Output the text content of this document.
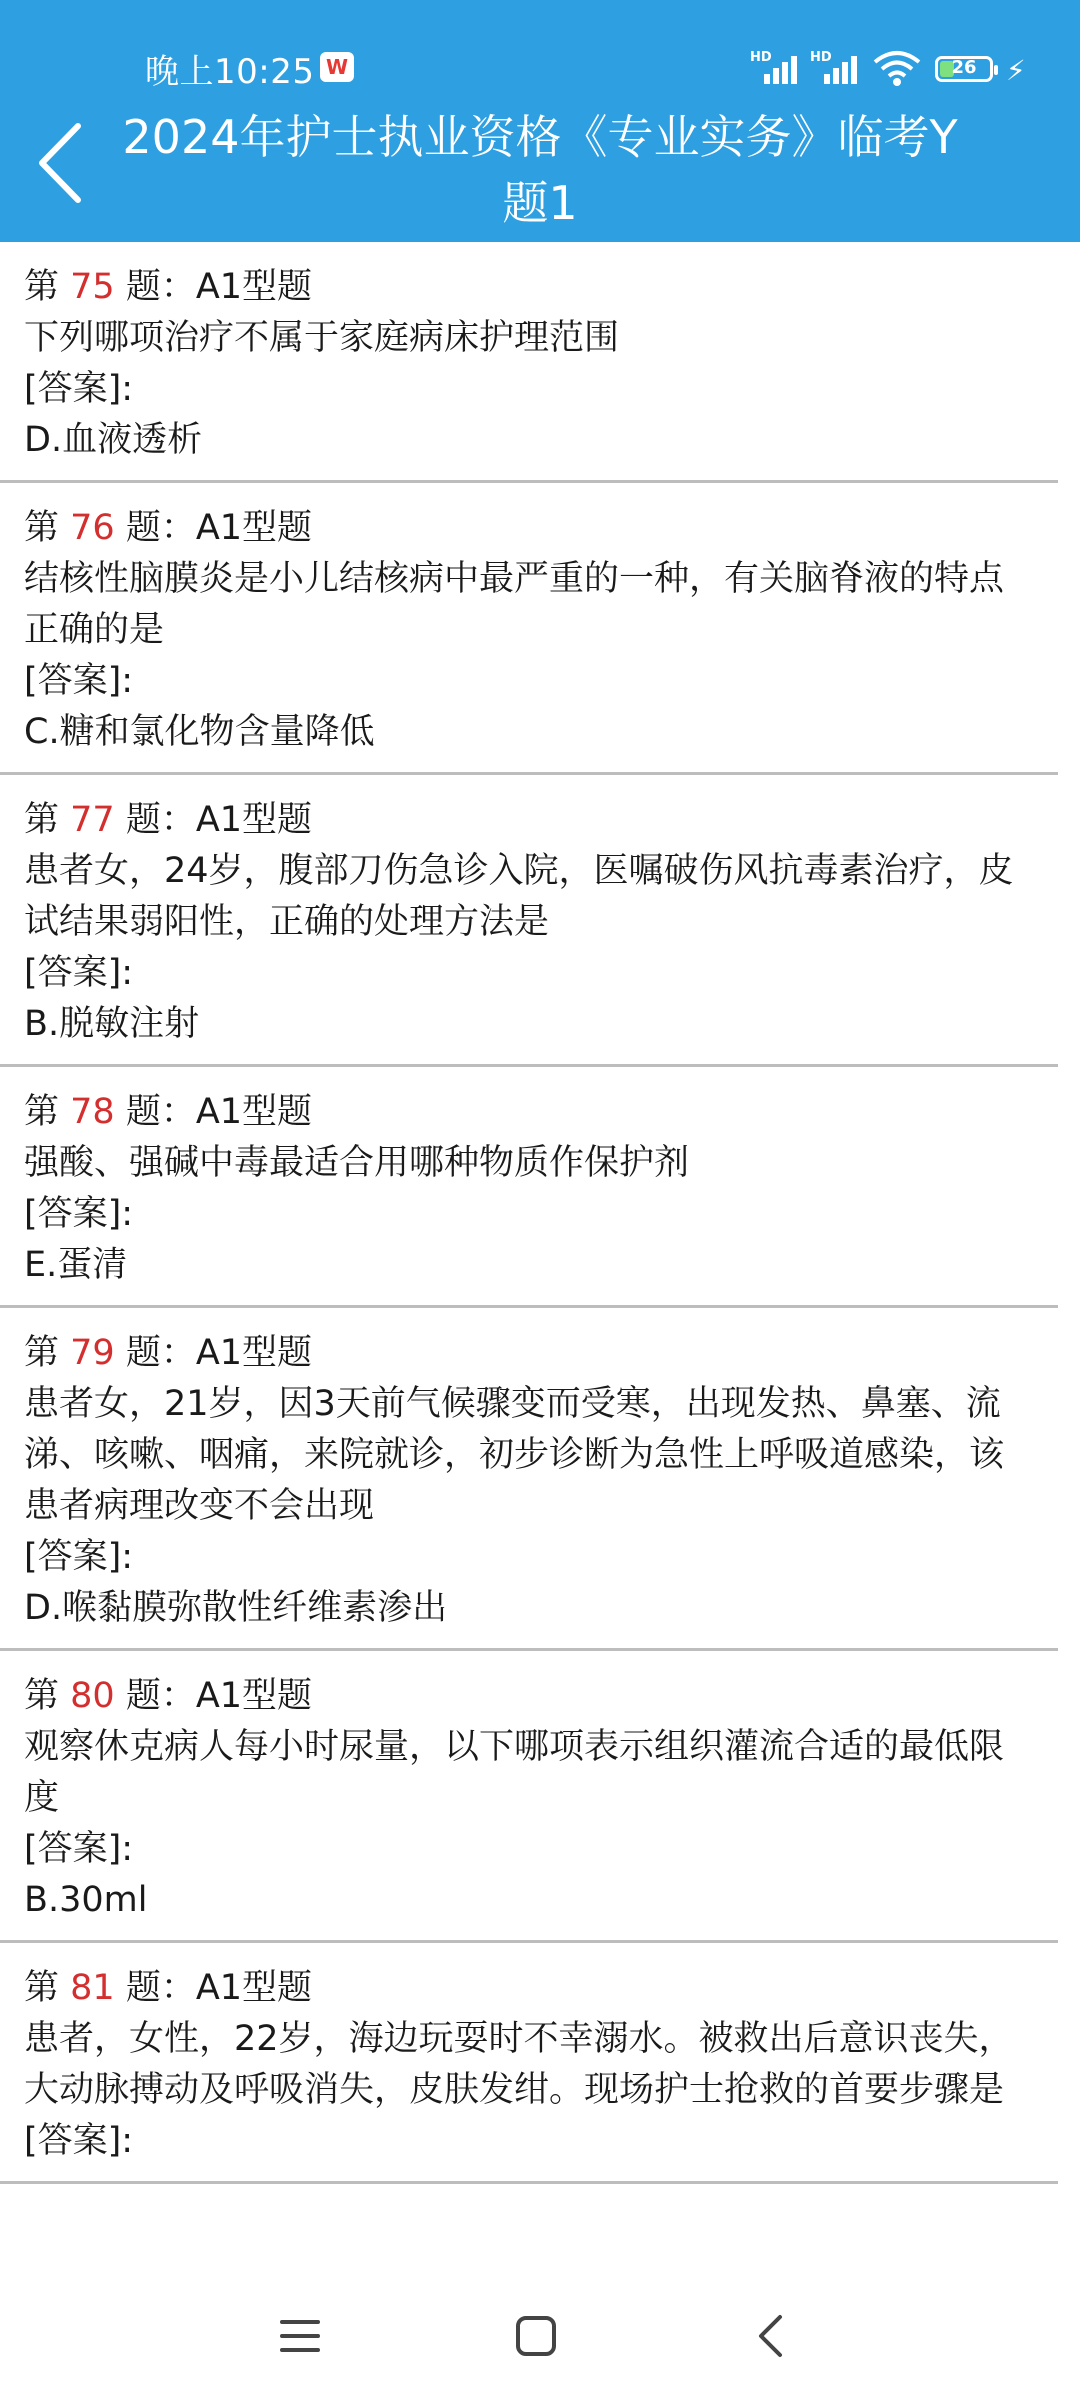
晚上10:25 W	HD	HD	26	⚡
2024年护士执业资格《专业实务》临考Y题1
第 75 题：A1型题
下列哪项治疗不属于家庭病床护理范围
[答案]:
D.血液透析
第 76 题：A1型题
结核性脑膜炎是小儿结核病中最严重的一种，有关脑脊液的特点正确的是
[答案]:
C.糖和氯化物含量降低
第 77 题：A1型题
患者女，24岁，腹部刀伤急诊入院，医嘱破伤风抗毒素治疗，皮试结果弱阳性，正确的处理方法是
[答案]:
B.脱敏注射
第 78 题：A1型题
强酸、强碱中毒最适合用哪种物质作保护剂
[答案]:
E.蛋清
第 79 题：A1型题
患者女，21岁，因3天前气候骤变而受寒，出现发热、鼻塞、流涕、咳嗽、咽痛，来院就诊，初步诊断为急性上呼吸道感染，该患者病理改变不会出现
[答案]:
D.喉黏膜弥散性纤维素渗出
第 80 题：A1型题
观察休克病人每小时尿量，以下哪项表示组织灌流合适的最低限度
[答案]:
B.30ml
第 81 题：A1型题
患者，女性，22岁，海边玩耍时不幸溺水。被救出后意识丧失，大动脉搏动及呼吸消失，皮肤发绀。现场护士抢救的首要步骤是
[答案]:
